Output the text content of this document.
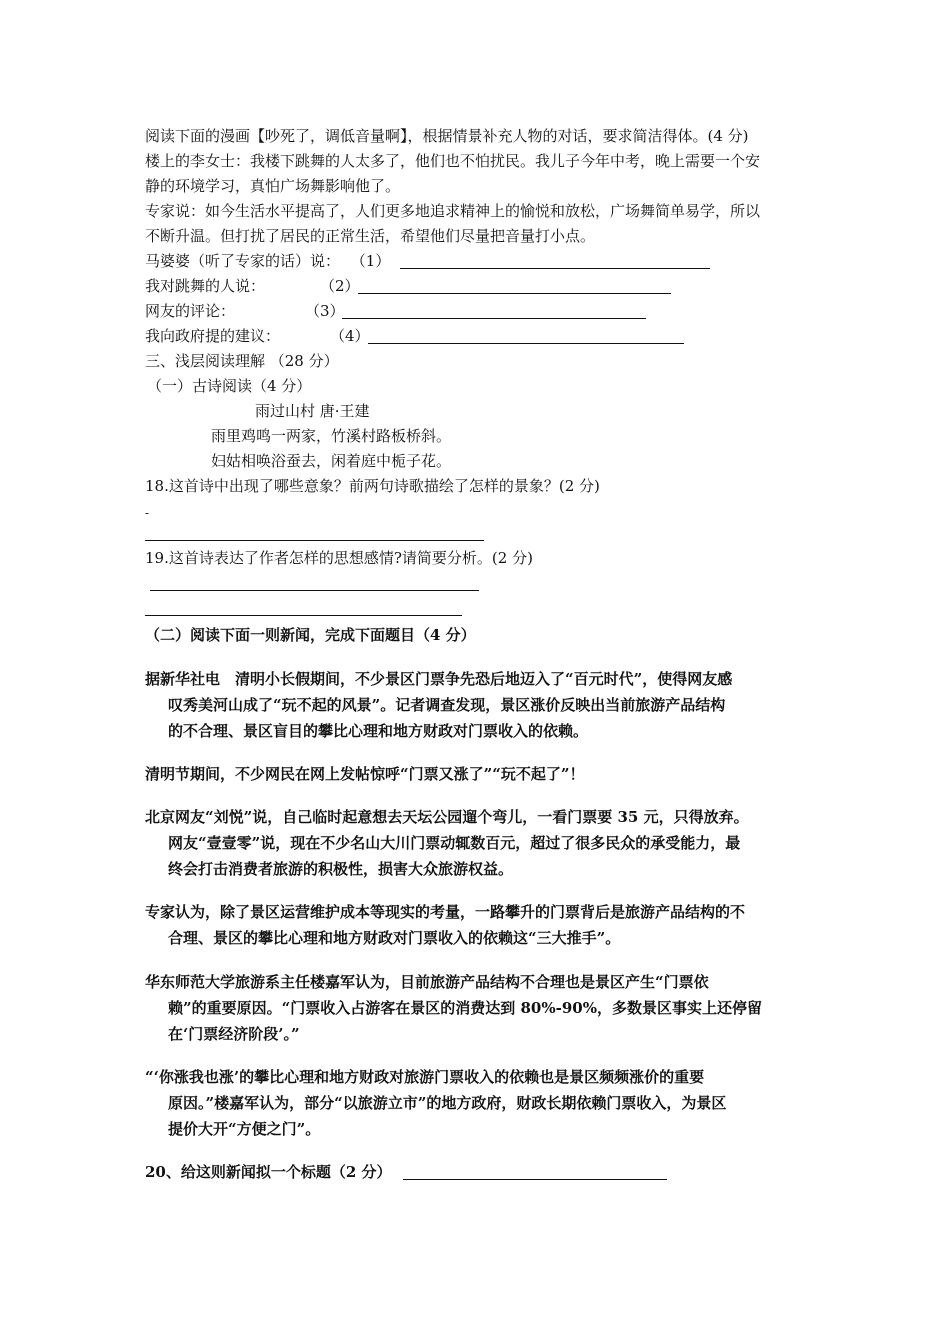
阅读下面的漫画【吵死了，调低音量啊】，根据情景补充人物的对话，要求简洁得体。(4 分)
楼上的李女士：我楼下跳舞的人太多了，他们也不怕扰民。我儿子今年中考，晚上需要一个安
静的环境学习，真怕广场舞影响他了。
专家说：如今生活水平提高了，人们更多地追求精神上的愉悦和放松，广场舞简单易学，所以
不断升温。但打扰了居民的正常生活，希望他们尽量把音量打小点。
马婆婆（听了专家的话）说： （1）
我对跳舞的人说：	（2）
网友的评论：	（3）
我向政府提的建议：	（4）
三、浅层阅读理解 （28 分）
（一）古诗阅读（4 分）
雨过山村 唐·王建
雨里鸡鸣一两家，竹溪村路板桥斜。
妇姑相唤浴蚕去，闲着庭中栀子花。
18.这首诗中出现了哪些意象？前两句诗歌描绘了怎样的景象？(2 分)
-
19.这首诗表达了作者怎样的思想感情?请简要分析。(2 分)
（二）阅读下面一则新闻，完成下面题目（4 分）
据新华社电　清明小长假期间，不少景区门票争先恐后地迈入了“百元时代”，使得网友感
叹秀美河山成了“玩不起的风景”。记者调查发现，景区涨价反映出当前旅游产品结构
的不合理、景区盲目的攀比心理和地方财政对门票收入的依赖。
清明节期间，不少网民在网上发帖惊呼“门票又涨了”“玩不起了”！
北京网友“刘悦”说，自己临时起意想去天坛公园遛个弯儿，一看门票要 35 元，只得放弃。
网友“壹壹零”说，现在不少名山大川门票动辄数百元，超过了很多民众的承受能力，最
终会打击消费者旅游的积极性，损害大众旅游权益。
专家认为，除了景区运营维护成本等现实的考量，一路攀升的门票背后是旅游产品结构的不
合理、景区的攀比心理和地方财政对门票收入的依赖这“三大推手”。
华东师范大学旅游系主任楼嘉军认为，目前旅游产品结构不合理也是景区产生“门票依
赖”的重要原因。“门票收入占游客在景区的消费达到 80%-90%，多数景区事实上还停留
在‘门票经济阶段’。”
“‘你涨我也涨’的攀比心理和地方财政对旅游门票收入的依赖也是景区频频涨价的重要
原因。”楼嘉军认为，部分“以旅游立市”的地方政府，财政长期依赖门票收入，为景区
提价大开“方便之门”。
20、给这则新闻拟一个标题（2 分）
